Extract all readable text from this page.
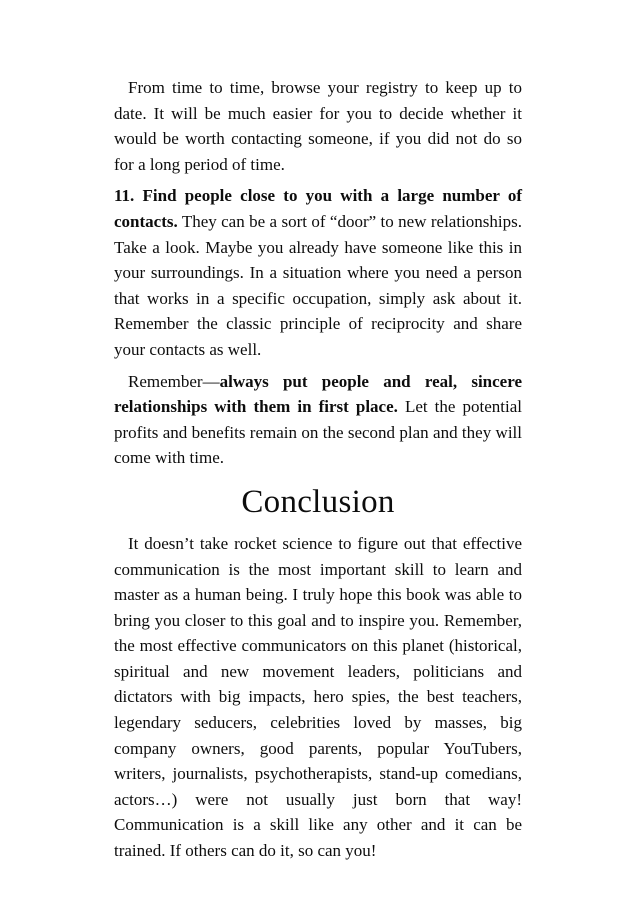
From time to time, browse your registry to keep up to date. It will be much easier for you to decide whether it would be worth contacting someone, if you did not do so for a long period of time.

11. Find people close to you with a large number of contacts. They can be a sort of “door” to new relationships. Take a look. Maybe you already have someone like this in your surroundings. In a situation where you need a person that works in a specific occupation, simply ask about it. Remember the classic principle of reciprocity and share your contacts as well.

Remember—always put people and real, sincere relationships with them in first place. Let the potential profits and benefits remain on the second plan and they will come with time.

Conclusion

It doesn’t take rocket science to figure out that effective communication is the most important skill to learn and master as a human being. I truly hope this book was able to bring you closer to this goal and to inspire you. Remember, the most effective communicators on this planet (historical, spiritual and new movement leaders, politicians and dictators with big impacts, hero spies, the best teachers, legendary seducers, celebrities loved by masses, big company owners, good parents, popular YouTubers, writers, journalists, psychotherapists, stand-up comedians, actors…) were not usually just born that way! Communication is a skill like any other and it can be trained. If others can do it, so can you!
